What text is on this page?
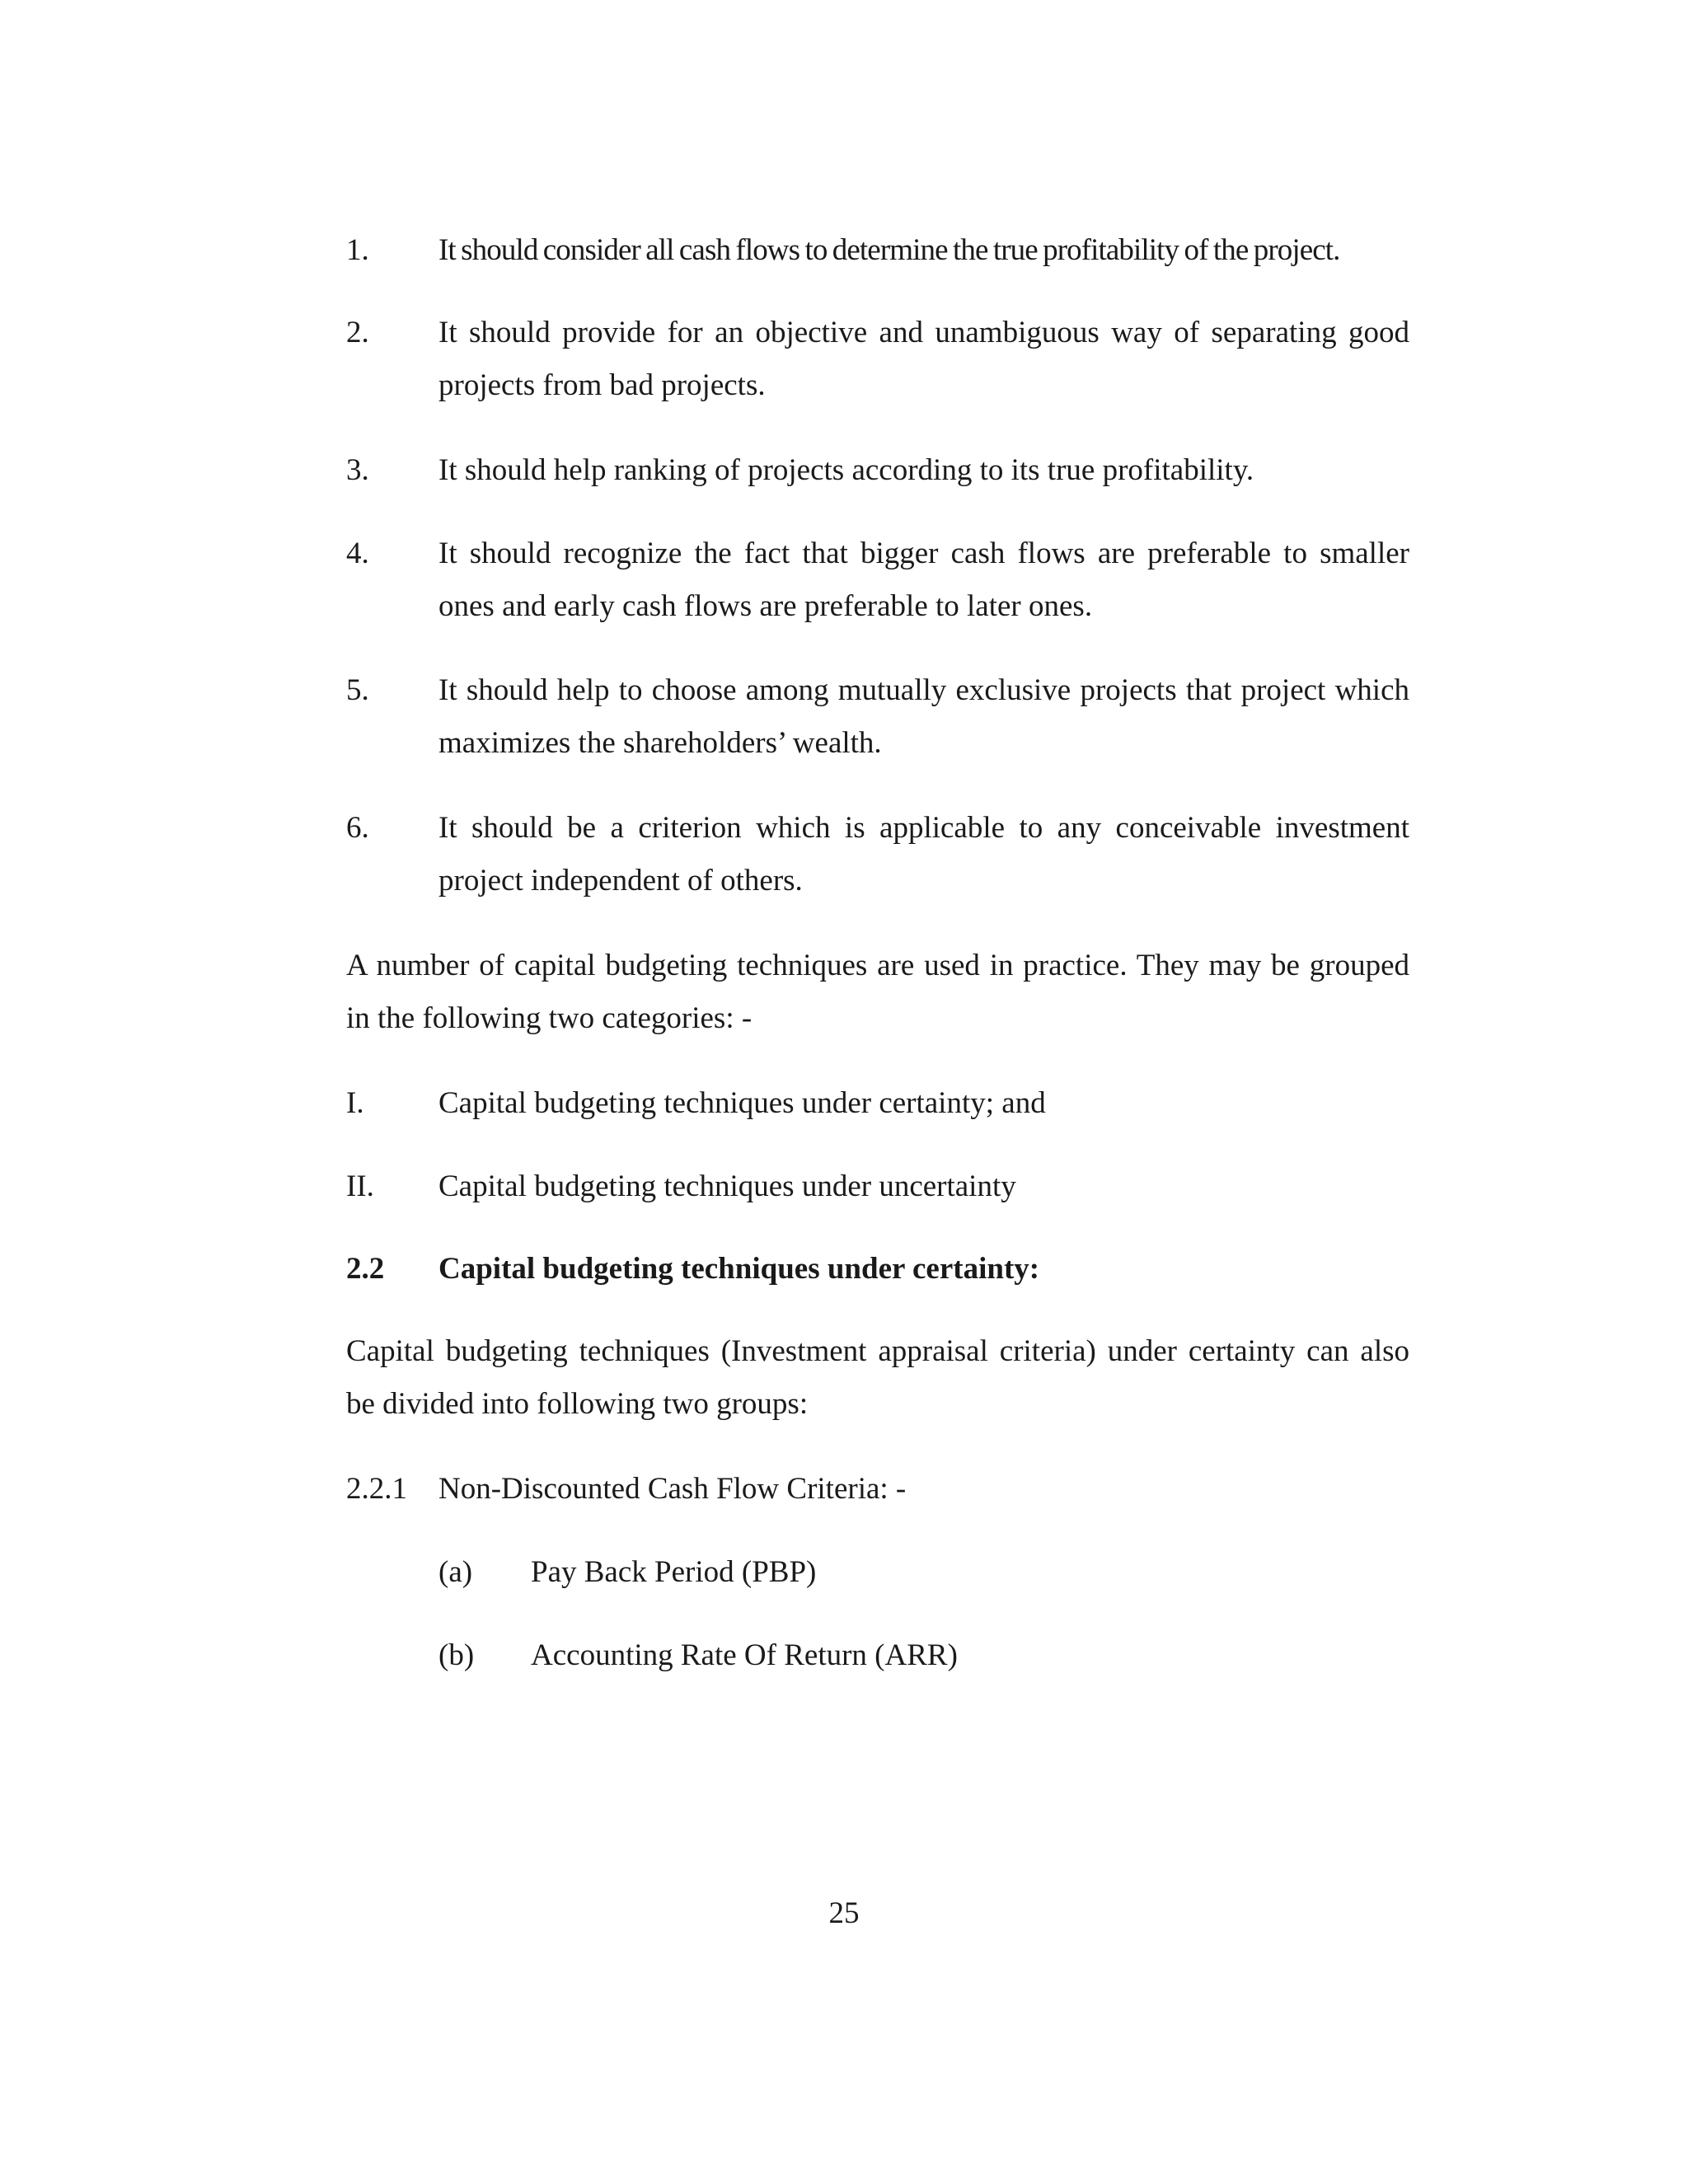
1. It should consider all cash flows to determine the true profitability of the project.
2. It should provide for an objective and unambiguous way of separating good projects from bad projects.
3. It should help ranking of projects according to its true profitability.
4. It should recognize the fact that bigger cash flows are preferable to smaller ones and early cash flows are preferable to later ones.
5. It should help to choose among mutually exclusive projects that project which maximizes the shareholders’ wealth.
6. It should be a criterion which is applicable to any conceivable investment project independent of others.
A number of capital budgeting techniques are used in practice. They may be grouped in the following two categories: -
I. Capital budgeting techniques under certainty; and
II. Capital budgeting techniques under uncertainty
2.2 Capital budgeting techniques under certainty:
Capital budgeting techniques (Investment appraisal criteria) under certainty can also be divided into following two groups:
2.2.1 Non-Discounted Cash Flow Criteria: -
(a) Pay Back Period (PBP)
(b) Accounting Rate Of Return (ARR)
25
